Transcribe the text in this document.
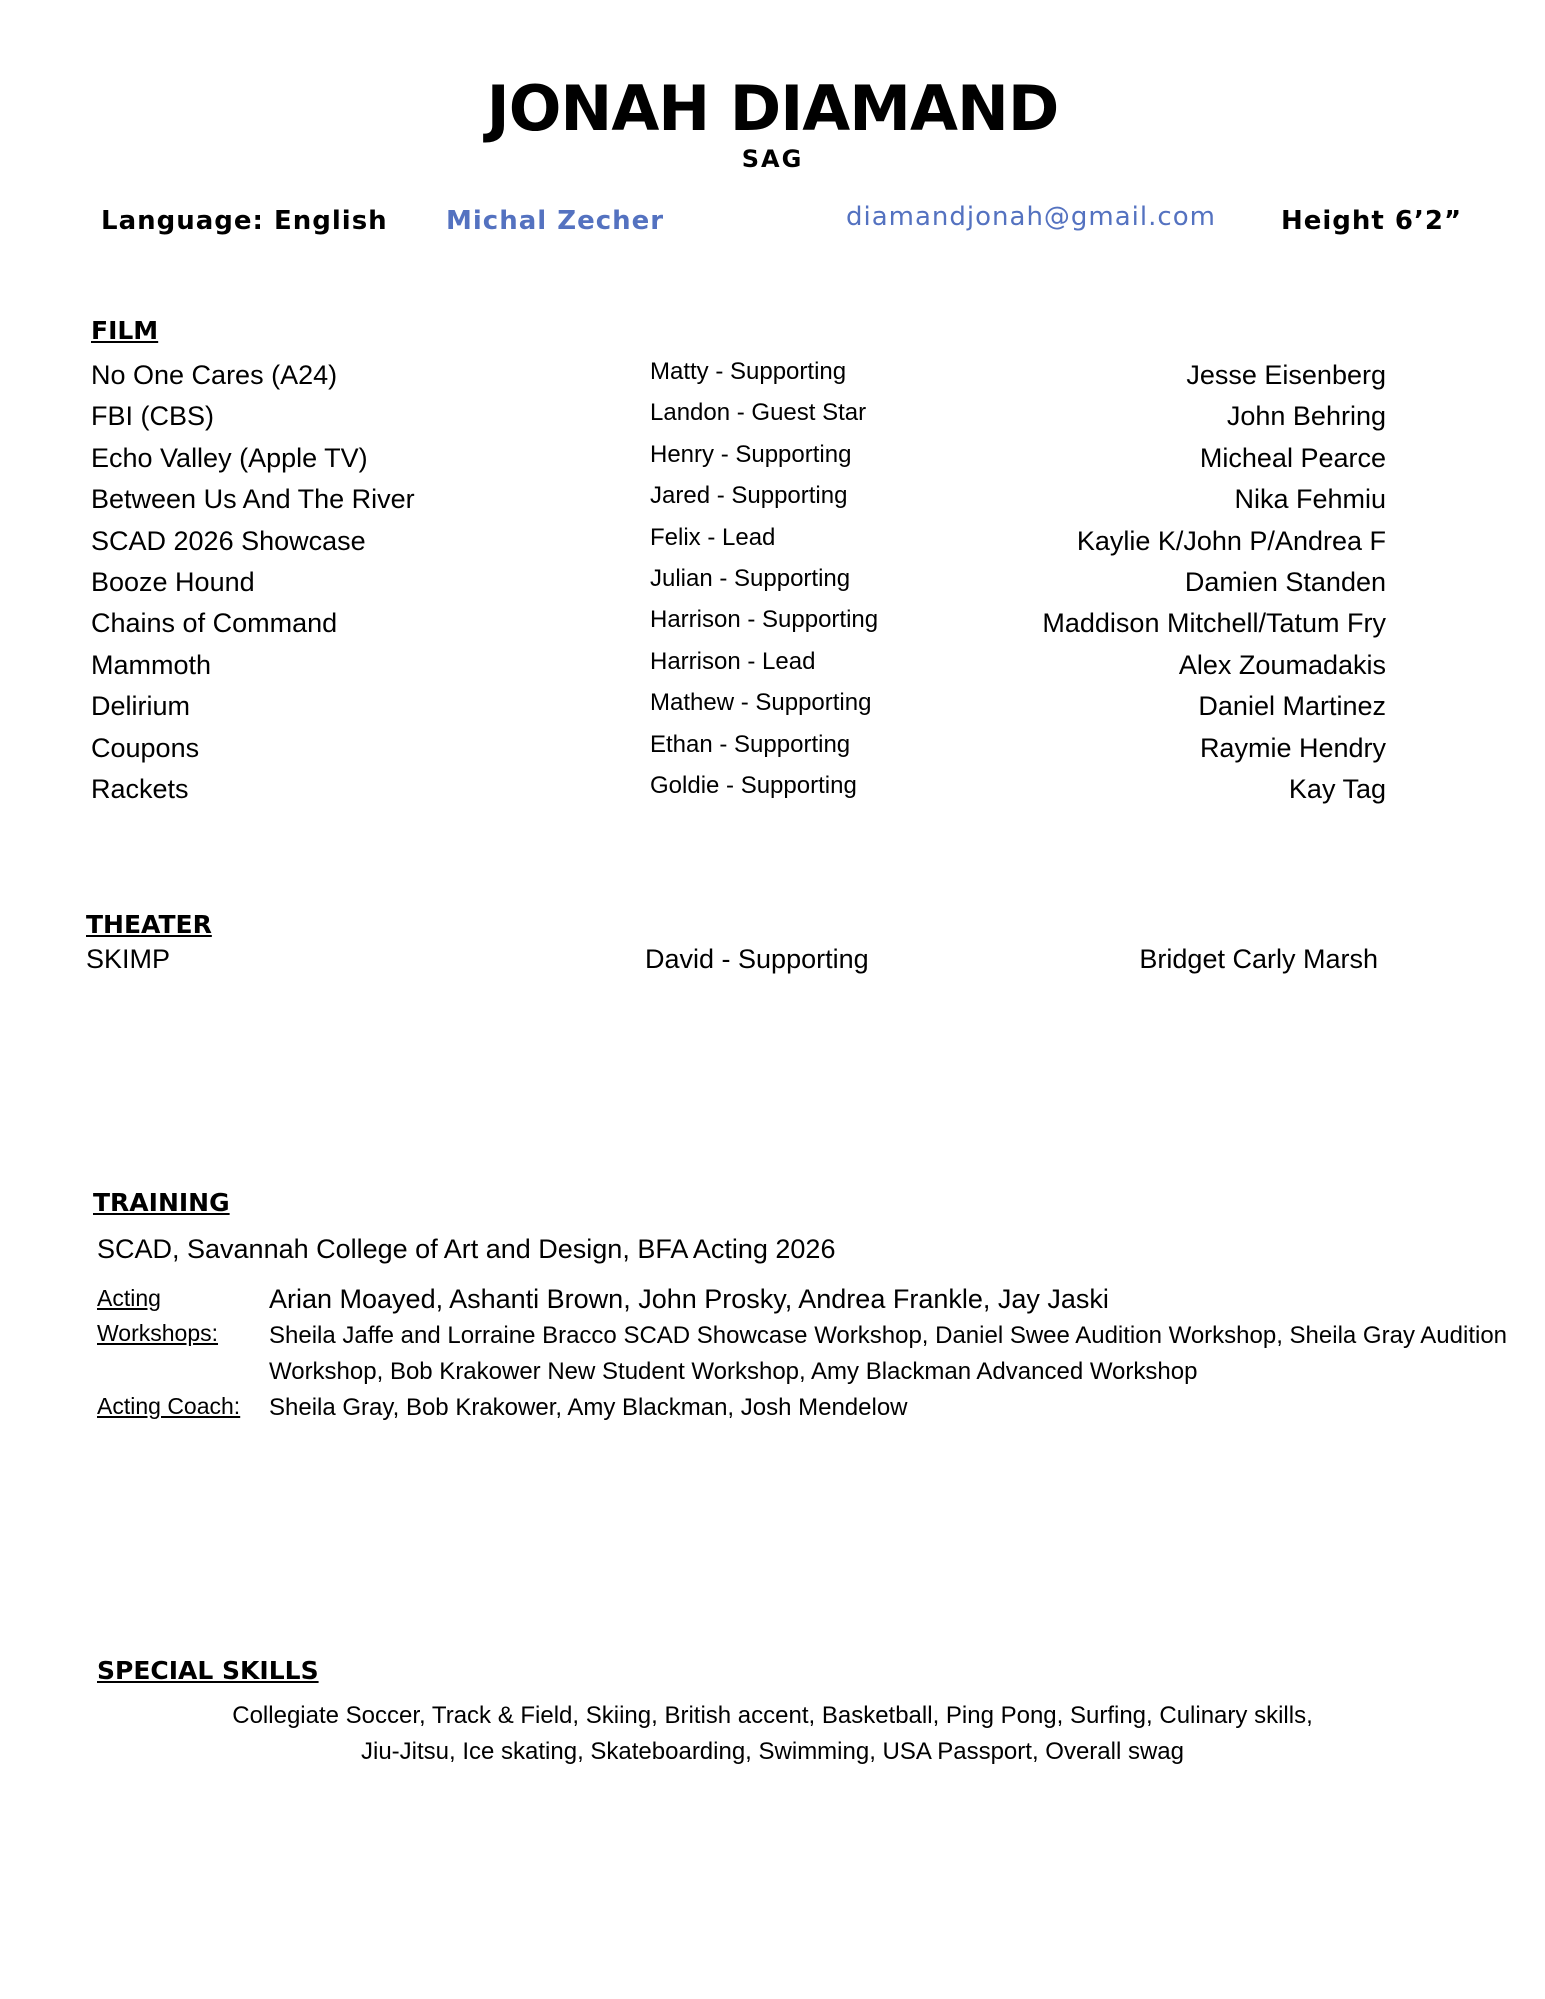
JONAH DIAMAND
SAG
Language: English Michal Zecher	diamandjonah@gmail.com	Height 6’2”
FILM
No One Cares (A24)	Matty - Supporting	Jesse Eisenberg
FBI (CBS)	Landon - Guest Star	John Behring
Echo Valley (Apple TV)	Henry - Supporting	Micheal Pearce
Between Us And The River	Jared - Supporting	Nika Fehmiu
SCAD 2026 Showcase	Felix - Lead	Kaylie K/John P/Andrea F
Booze Hound	Julian - Supporting	Damien Standen
Chains of Command	Harrison - Supporting	Maddison Mitchell/Tatum Fry
Mammoth	Harrison - Lead	Alex Zoumadakis
Delirium	Mathew - Supporting	Daniel Martinez
Coupons	Ethan - Supporting	Raymie Hendry
Rackets	Goldie - Supporting	Kay Tag
THEATER
SKIMP	David - Supporting	Bridget Carly Marsh
TRAINING
SCAD, Savannah College of Art and Design, BFA Acting 2026
Acting	Arian Moayed, Ashanti Brown, John Prosky, Andrea Frankle, Jay Jaski
Workshops: Sheila Jaffe and Lorraine Bracco SCAD Showcase Workshop, Daniel Swee Audition Workshop, Sheila Gray Audition
Workshop, Bob Krakower New Student Workshop, Amy Blackman Advanced Workshop
Acting Coach: Sheila Gray, Bob Krakower, Amy Blackman, Josh Mendelow
SPECIAL SKILLS
Collegiate Soccer, Track & Field, Skiing, British accent, Basketball, Ping Pong, Surfing, Culinary skills,
Jiu-Jitsu, Ice skating, Skateboarding, Swimming, USA Passport, Overall swag
